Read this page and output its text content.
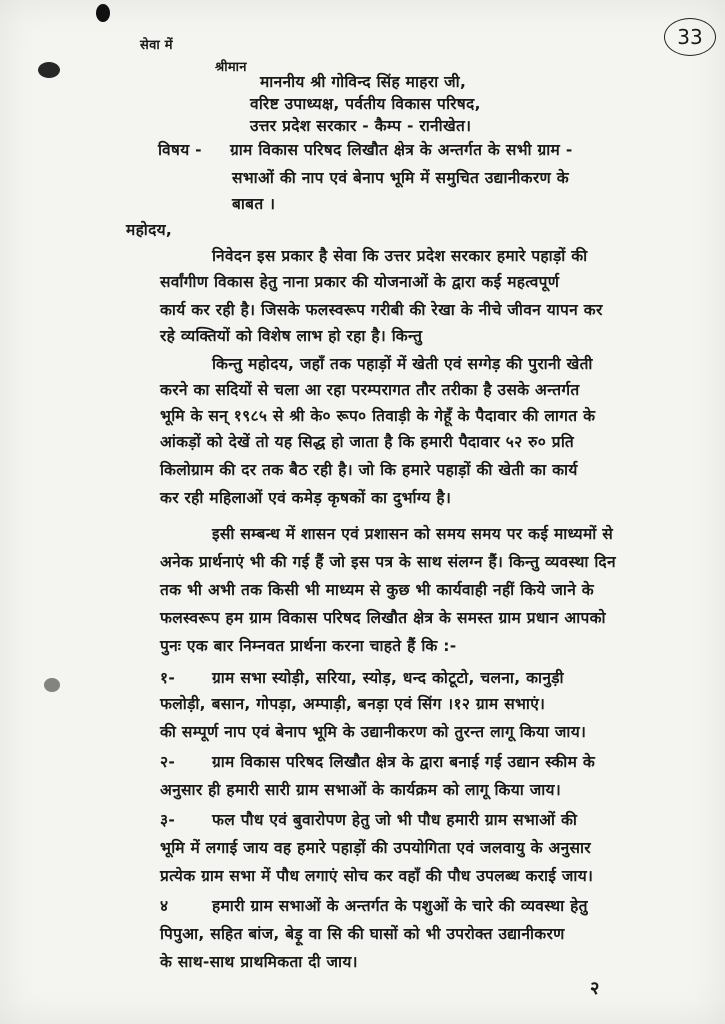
33
सेवा में
श्रीमान
माननीय श्री गोविन्द सिंह माहरा जी,
वरिष्ट उपाध्यक्ष, पर्वतीय विकास परिषद,
उत्तर प्रदेश सरकार - कैम्प - रानीखेत।
विषय - ग्राम विकास परिषद लिखौत क्षेत्र के अन्तर्गत के सभी ग्राम -
सभाओं की नाप एवं बेनाप भूमि में समुचित उद्यानीकरण के
बाबत ।
महोदय,
निवेदन इस प्रकार है सेवा कि उत्तर प्रदेश सरकार हमारे पहाड़ों की
सर्वांगीण विकास हेतु नाना प्रकार की योजनाओं के द्वारा कई महत्वपूर्ण
कार्य कर रही है। जिसके फलस्वरूप गरीबी की रेखा के नीचे जीवन यापन कर
रहे व्यक्तियों को विशेष लाभ हो रहा है। किन्तु
किन्तु महोदय, जहाँ तक पहाड़ों में खेती एवं सग्गेड़ की पुरानी खेती
करने का सदियों से चला आ रहा परम्परागत तौर तरीका है उसके अन्तर्गत
भूमि के सन् १९८५ से श्री के० रूप० तिवाड़ी के गेहूँ के पैदावार की लागत के
आंकड़ों को देखें तो यह सिद्ध हो जाता है कि हमारी पैदावार ५२ रु० प्रति
किलोग्राम की दर तक बैठ रही है। जो कि हमारे पहाड़ों की खेती का कार्य
कर रही महिलाओं एवं कमेड़ कृषकों का दुर्भाग्य है।
इसी सम्बन्ध में शासन एवं प्रशासन को समय समय पर कई माध्यमों से
अनेक प्रार्थनाएं भी की गई हैं जो इस पत्र के साथ संलग्न हैं। किन्तु व्यवस्था दिन
तक भी अभी तक किसी भी माध्यम से कुछ भी कार्यवाही नहीं किये जाने के
फलस्वरूप हम ग्राम विकास परिषद लिखौत क्षेत्र के समस्त ग्राम प्रधान आपको
पुनः एक बार निम्नवत प्रार्थना करना चाहते हैं कि :-
१- ग्राम सभा स्योड़ी, सरिया, स्योड़, धन्द कोटूटो, चलना, कानुड़ी
फलोड़ी, बसान, गोपड़ा, अम्पाड़ी, बनड़ा एवं सिंग ।१२ ग्राम सभाएं।
की सम्पूर्ण नाप एवं बेनाप भूमि के उद्यानीकरण को तुरन्त लागू किया जाय।
२- ग्राम विकास परिषद लिखौत क्षेत्र के द्वारा बनाई गई उद्यान स्कीम के
अनुसार ही हमारी सारी ग्राम सभाओं के कार्यक्रम को लागू किया जाय।
३- फल पौध एवं बुवारोपण हेतु जो भी पौध हमारी ग्राम सभाओं की
भूमि में लगाई जाय वह हमारे पहाड़ों की उपयोगिता एवं जलवायु के अनुसार
प्रत्येक ग्राम सभा में पौध लगाएं सोच कर वहाँ की पौध उपलब्ध कराई जाय।
४	हमारी ग्राम सभाओं के अन्तर्गत के पशुओं के चारे की व्यवस्था हेतु
पिपुआ, सहित बांज, बेड़ू वा सि की घासों को भी उपरोक्त उद्यानीकरण
के साथ-साथ प्राथमिकता दी जाय।
२
